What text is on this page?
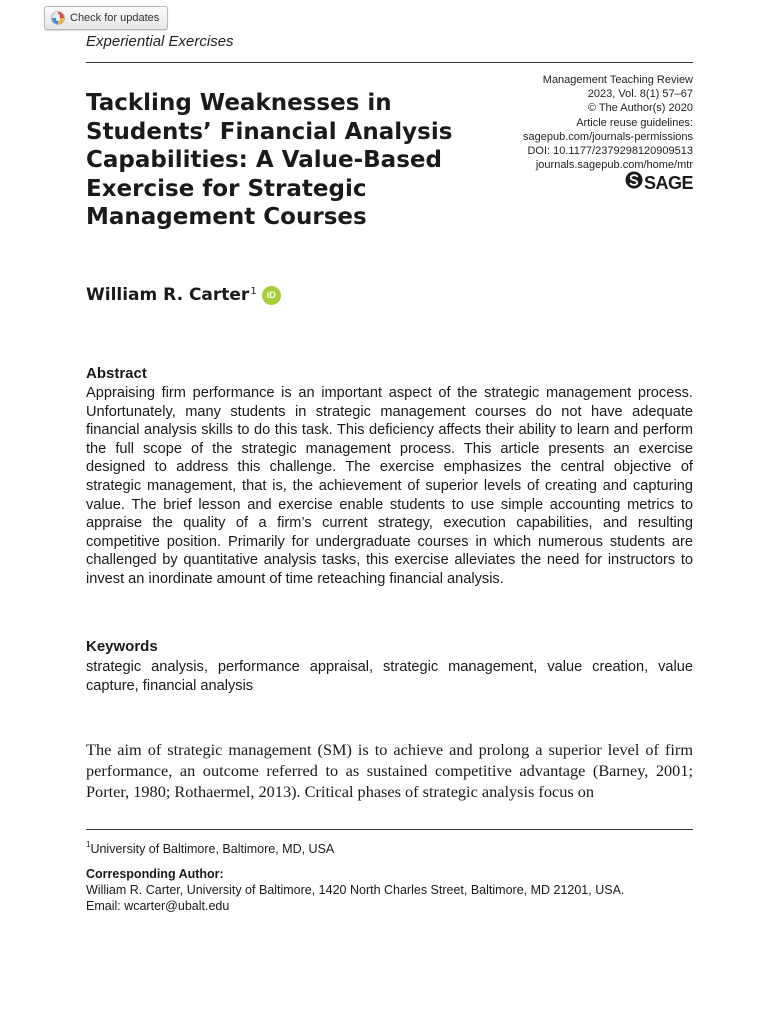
Check for updates
Experiential Exercises
Tackling Weaknesses in Students’ Financial Analysis Capabilities: A Value-Based Exercise for Strategic Management Courses
Management Teaching Review
2023, Vol. 8(1) 57–67
© The Author(s) 2020
Article reuse guidelines:
sagepub.com/journals-permissions
DOI: 10.1177/2379298120909513
journals.sagepub.com/home/mtr
SAGE
William R. Carter$^1$	iD
Abstract

Appraising firm performance is an important aspect of the strategic management process. Unfortunately, many students in strategic management courses do not have adequate financial analysis skills to do this task. This deficiency affects their ability to learn and perform the full scope of the strategic management process. This article presents an exercise designed to address this challenge. The exercise emphasizes the central objective of strategic management, that is, the achievement of superior levels of creating and capturing value. The brief lesson and exercise enable students to use simple accounting metrics to appraise the quality of a firm’s current strategy, execution capabilities, and resulting competitive position. Primarily for undergraduate courses in which numerous students are challenged by quantitative analysis tasks, this exercise alleviates the need for instructors to invest an inordinate amount of time reteaching financial analysis.

Keywords

strategic analysis, performance appraisal, strategic management, value creation, value capture, financial analysis

The aim of strategic management (SM) is to achieve and prolong a superior level of firm performance, an outcome referred to as sustained competitive advantage (Barney, 2001; Porter, 1980; Rothaermel, 2013). Critical phases of strategic analysis focus on

$^1$University of Baltimore, Baltimore, MD, USA
Corresponding Author:
William R. Carter, University of Baltimore, 1420 North Charles Street, Baltimore, MD 21201, USA.
Email: wcarter@ubalt.edu
